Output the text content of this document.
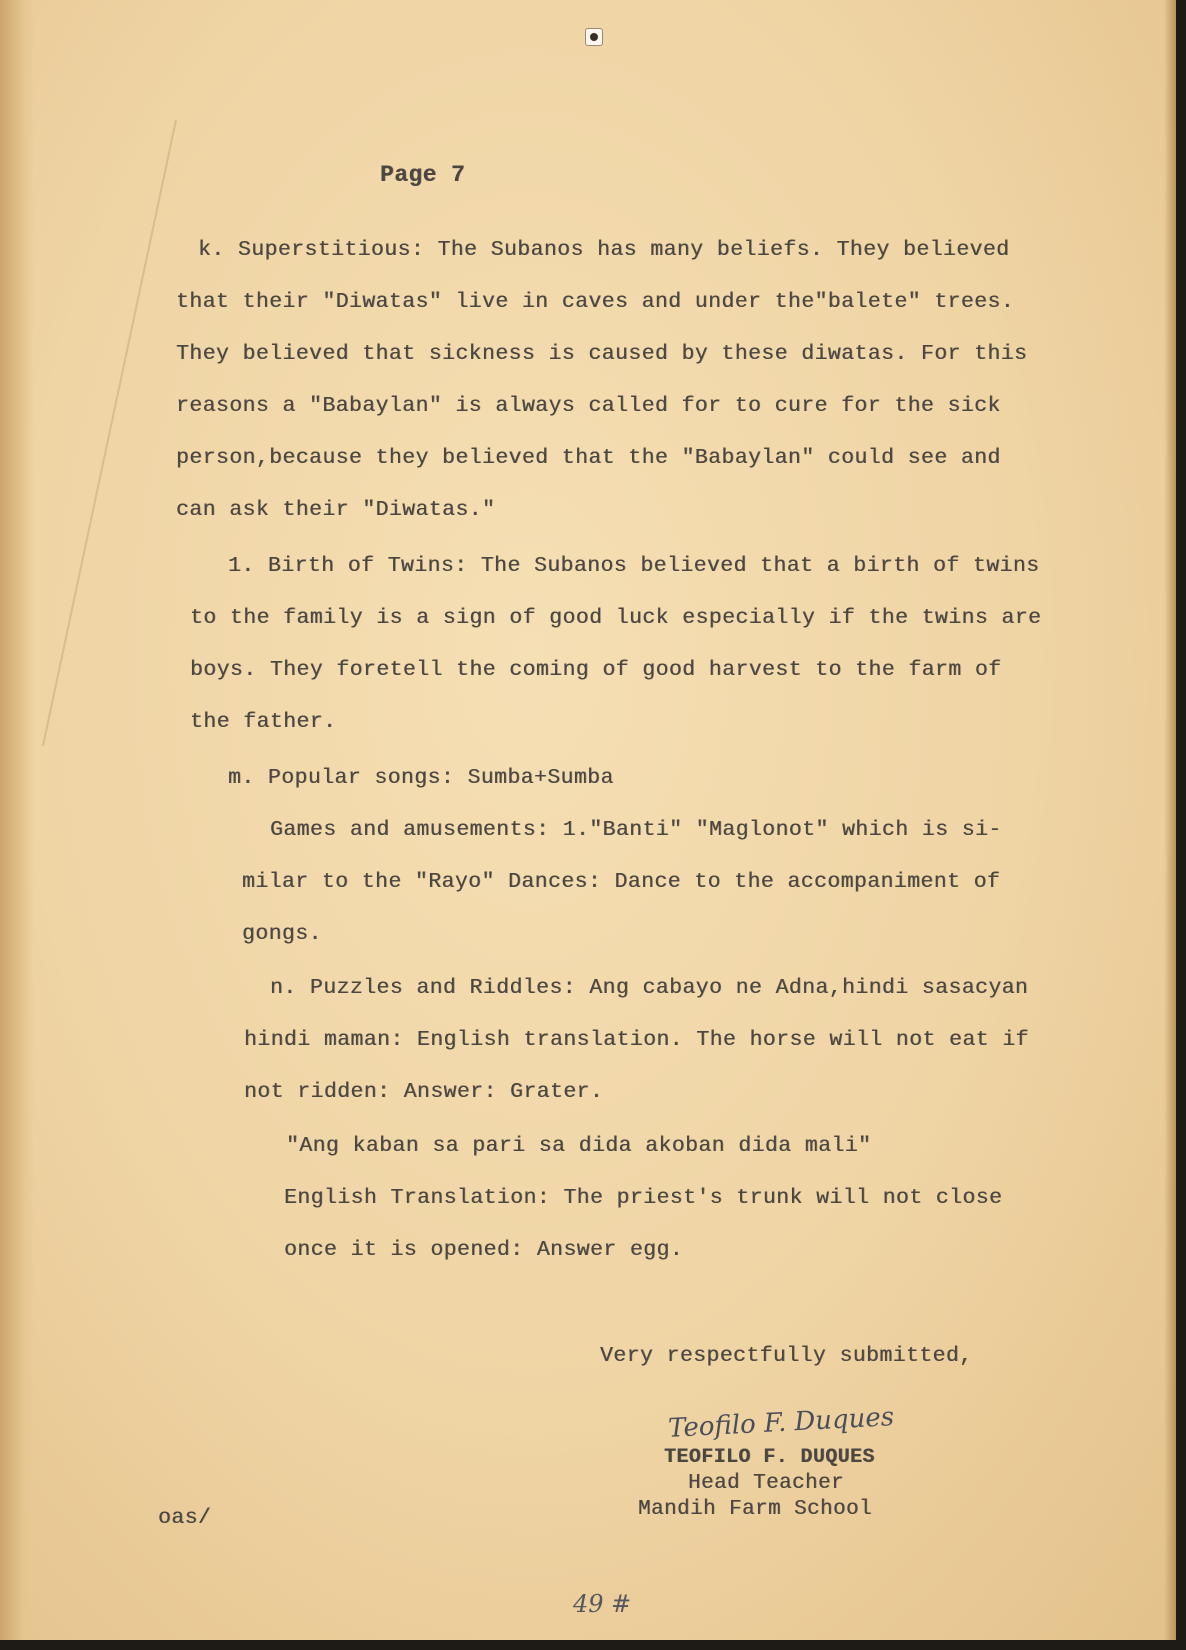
Page 7
k. Superstitious: The Subanos has many beliefs. They believed
that their "Diwatas" live in caves and under the"balete" trees.
They believed that sickness is caused by these diwatas. For this
reasons a "Babaylan" is always called for to cure for the sick
person,because they believed that the "Babaylan" could see and
can ask their "Diwatas."
1. Birth of Twins: The Subanos believed that a birth of twins
to the family is a sign of good luck especially if the twins are
boys. They foretell the coming of good harvest to the farm of
the father.
m. Popular songs: Sumba+Sumba
Games and amusements: 1."Banti" "Maglonot" which is si-
milar to the "Rayo" Dances: Dance to the accompaniment of
gongs.
n. Puzzles and Riddles: Ang cabayo ne Adna,hindi sasacyan
hindi maman: English translation. The horse will not eat if
not ridden: Answer: Grater.
"Ang kaban sa pari sa dida akoban dida mali"
English Translation: The priest's trunk will not close
once it is opened: Answer egg.
Very respectfully submitted,
Teofilo F. Duques
TEOFILO F. DUQUES
Head Teacher
Mandih Farm School
oas/
49 #
